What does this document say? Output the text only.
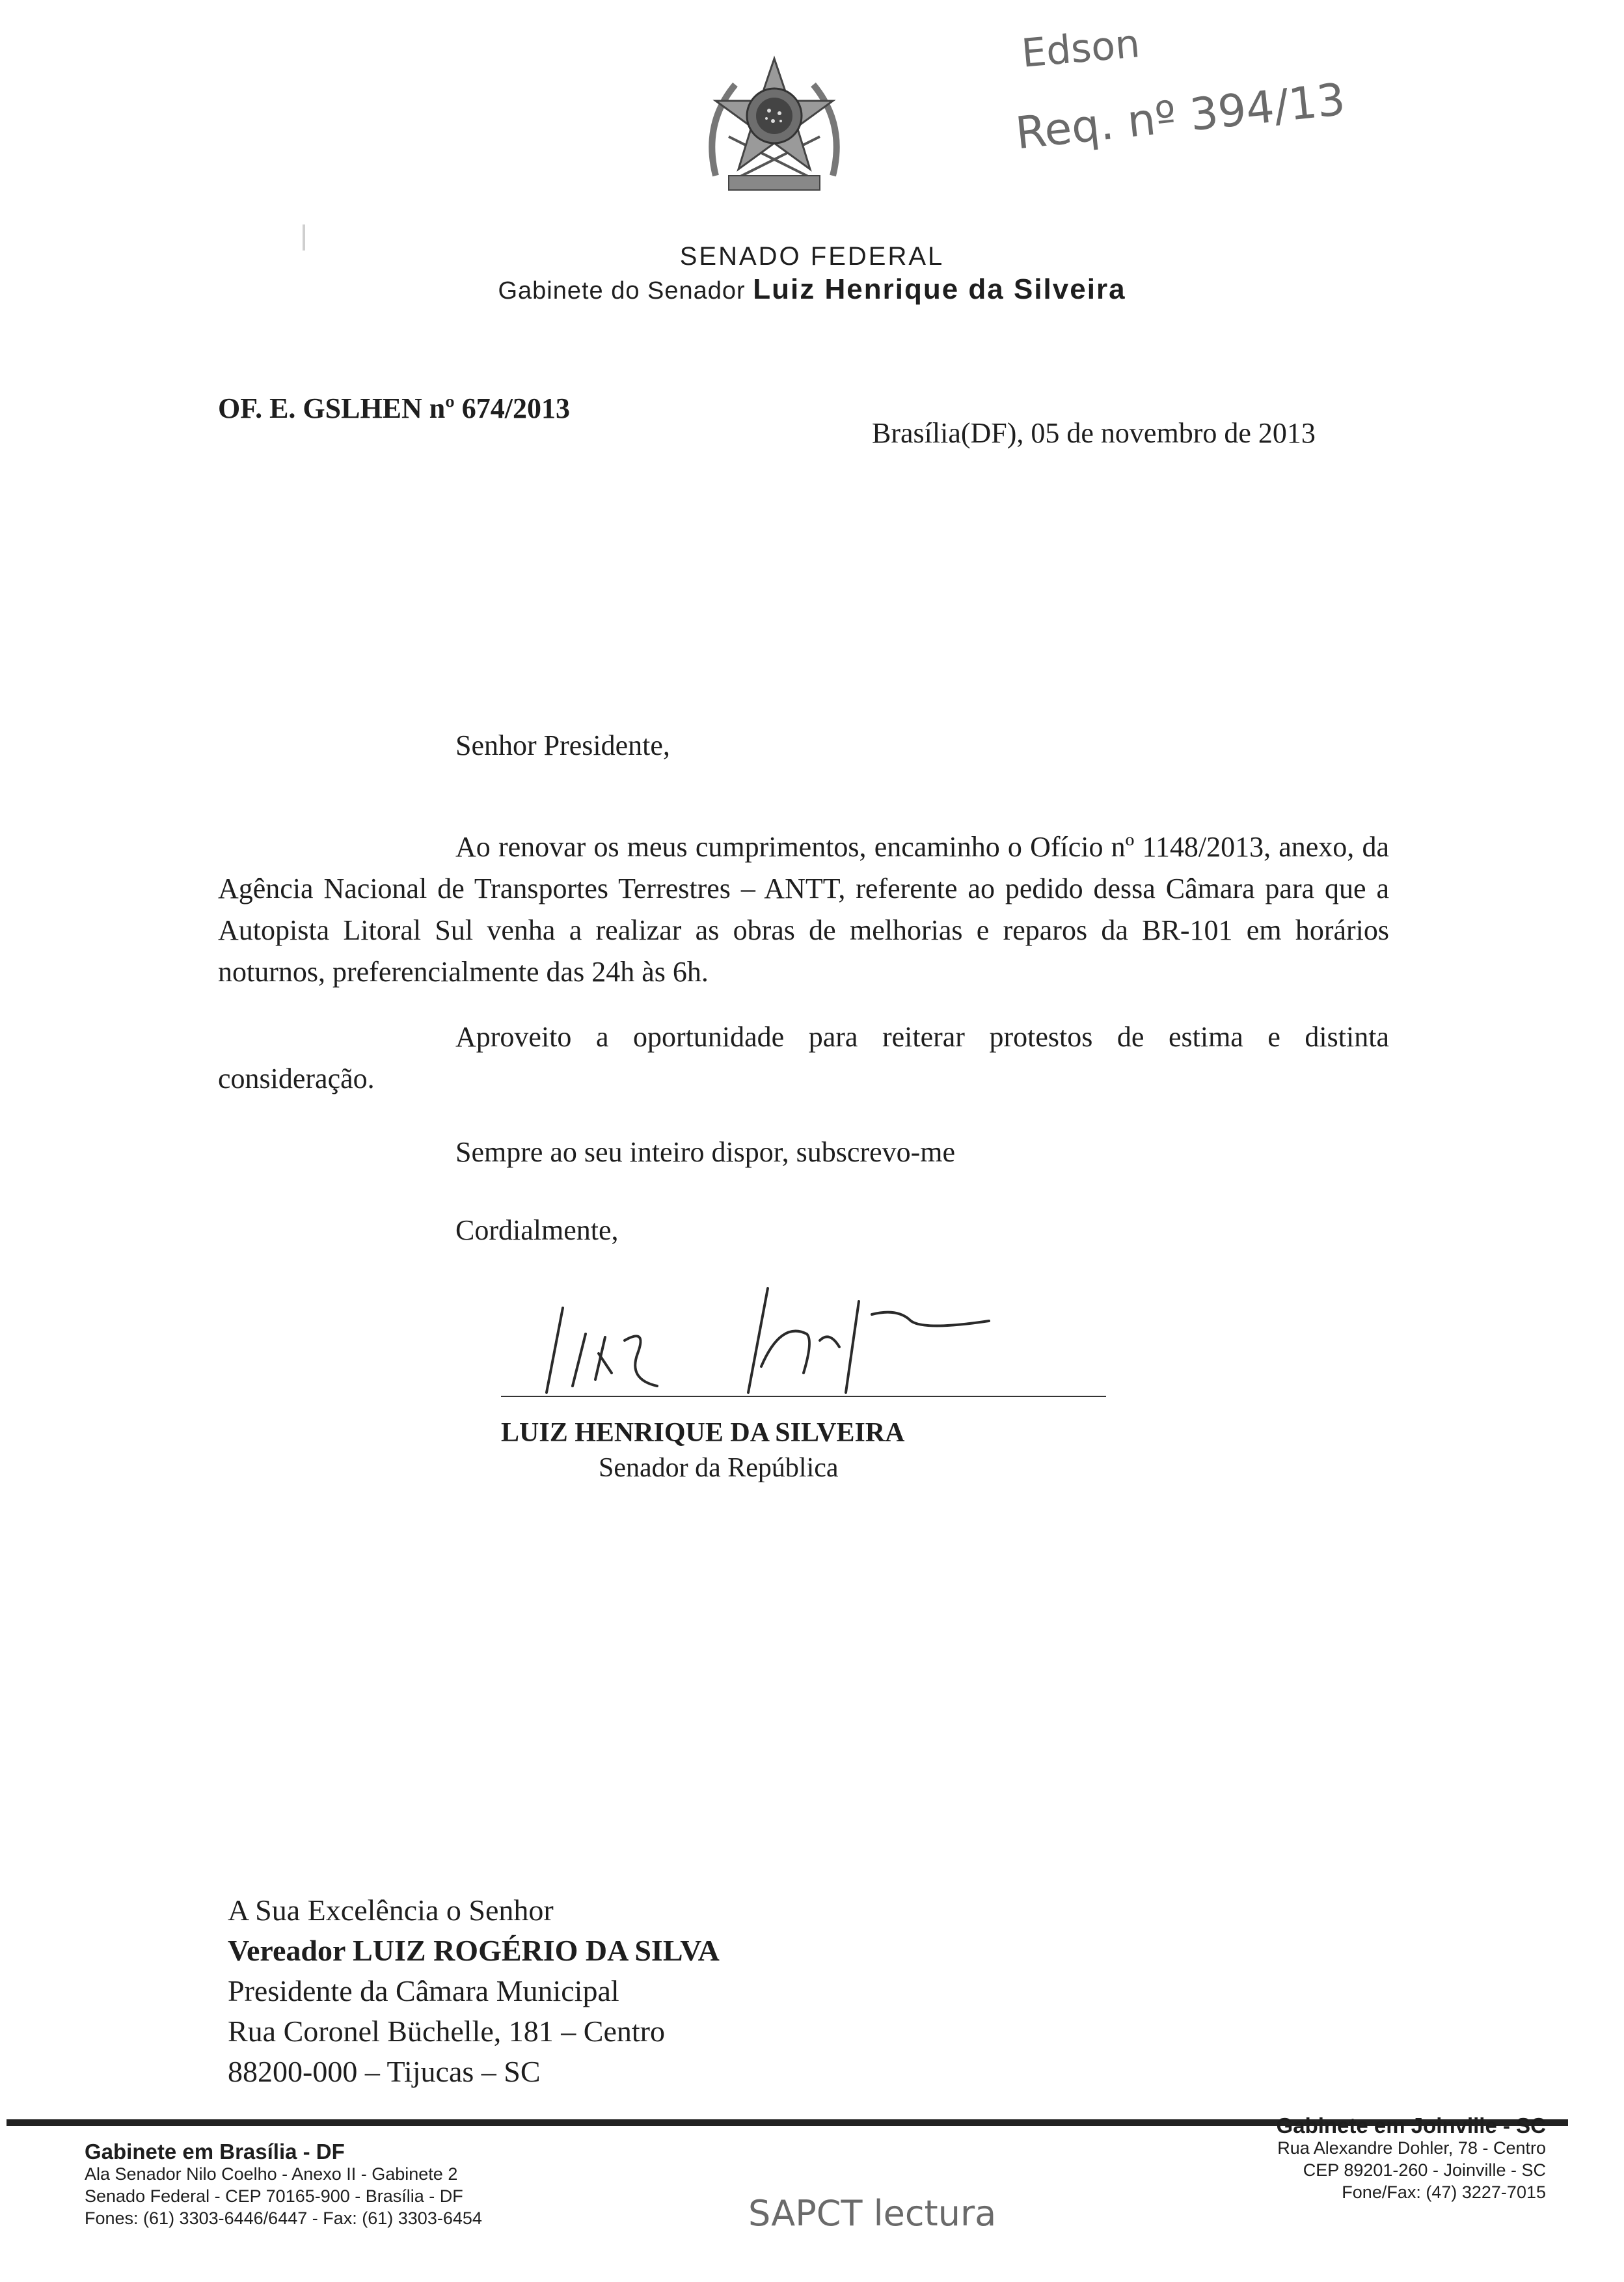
Edson
Req. nº 394/13
SENADO FEDERAL
Gabinete do Senador Luiz Henrique da Silveira
OF. E. GSLHEN nº 674/2013
Brasília(DF), 05 de novembro de 2013
Senhor Presidente,

Ao renovar os meus cumprimentos, encaminho o Ofício nº 1148/2013, anexo, da Agência Nacional de Transportes Terrestres – ANTT, referente ao pedido dessa Câmara para que a Autopista Litoral Sul venha a realizar as obras de melhorias e reparos da BR-101 em horários noturnos, preferencialmente das 24h às 6h.

Aproveito a oportunidade para reiterar protestos de estima e distinta consideração.

Sempre ao seu inteiro dispor, subscrevo-me
Cordialmente,
LUIZ HENRIQUE DA SILVEIRA
Senador da República
A Sua Excelência o Senhor
Vereador LUIZ ROGÉRIO DA SILVA
Presidente da Câmara Municipal
Rua Coronel Büchelle, 181 – Centro
88200-000 – Tijucas – SC
Gabinete em Brasília - DF
Ala Senador Nilo Coelho - Anexo II - Gabinete 2
Senado Federal - CEP 70165-900 - Brasília - DF
Fones: (61) 3303-6446/6447 - Fax: (61) 3303-6454
Gabinete em Joinville - SC
Rua Alexandre Dohler, 78 - Centro
CEP 89201-260 - Joinville - SC
Fone/Fax: (47) 3227-7015
SAPCT lectura
